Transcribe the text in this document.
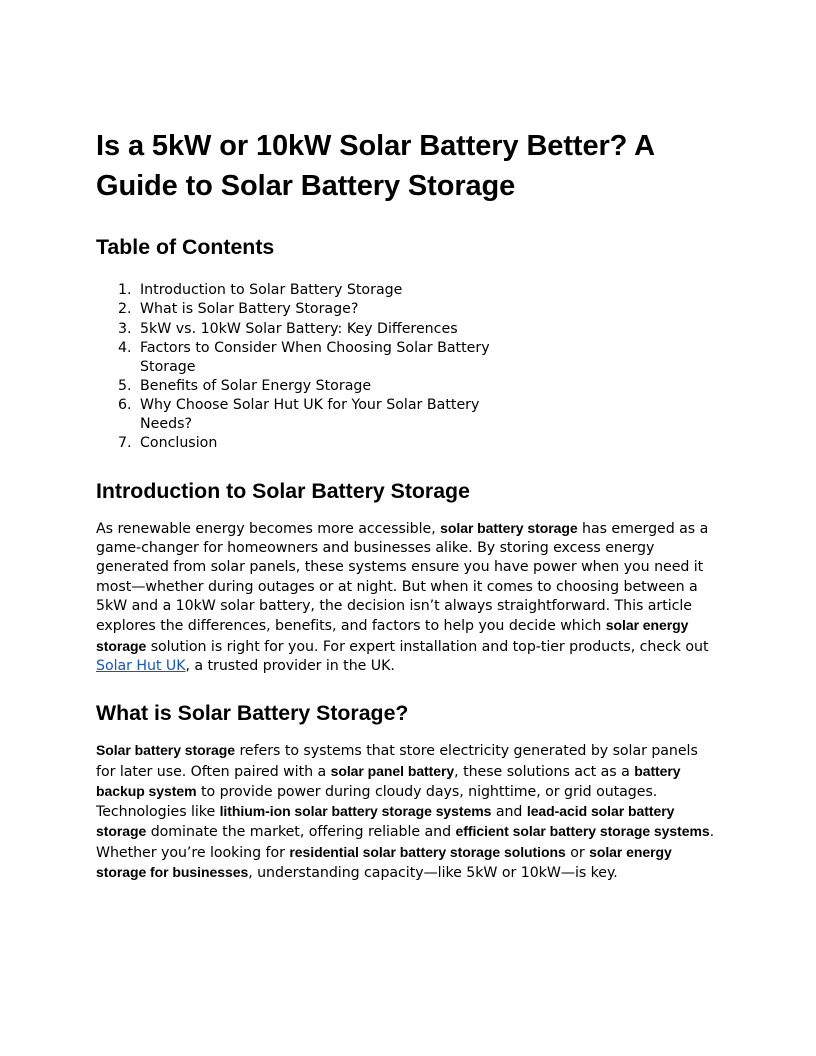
Is a 5kW or 10kW Solar Battery Better? A Guide to Solar Battery Storage
Table of Contents
1. Introduction to Solar Battery Storage
2. What is Solar Battery Storage?
3. 5kW vs. 10kW Solar Battery: Key Differences
4. Factors to Consider When Choosing Solar Battery Storage
5. Benefits of Solar Energy Storage
6. Why Choose Solar Hut UK for Your Solar Battery Needs?
7. Conclusion
Introduction to Solar Battery Storage

As renewable energy becomes more accessible, solar battery storage has emerged as a game-changer for homeowners and businesses alike. By storing excess energy generated from solar panels, these systems ensure you have power when you need it most—whether during outages or at night. But when it comes to choosing between a 5kW and a 10kW solar battery, the decision isn’t always straightforward. This article explores the differences, benefits, and factors to help you decide which solar energy storage solution is right for you. For expert installation and top-tier products, check out Solar Hut UK, a trusted provider in the UK.

What is Solar Battery Storage?

Solar battery storage refers to systems that store electricity generated by solar panels for later use. Often paired with a solar panel battery, these solutions act as a battery backup system to provide power during cloudy days, nighttime, or grid outages. Technologies like lithium-ion solar battery storage systems and lead-acid solar battery storage dominate the market, offering reliable and efficient solar battery storage systems. Whether you’re looking for residential solar battery storage solutions or solar energy storage for businesses, understanding capacity—like 5kW or 10kW—is key.
